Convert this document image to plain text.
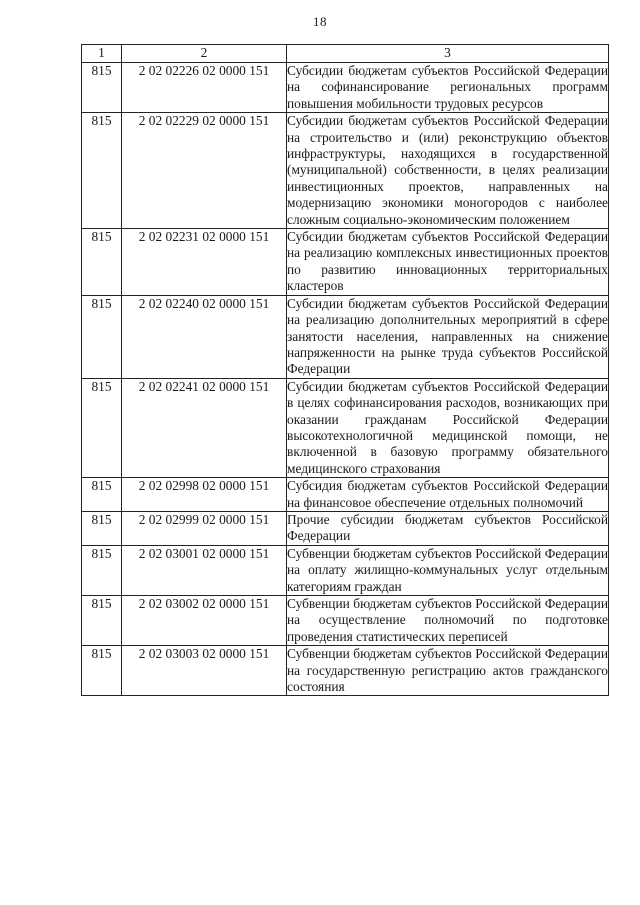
18
1	2	3
815	2 02 02226 02 0000 151	Субсидии бюджетам субъектов Российской Федерации на софинансирование региональных программ повышения мобильности трудовых ресурсов
815	2 02 02229 02 0000 151	Субсидии бюджетам субъектов Российской Федерации на строительство и (или) реконструкцию объектов инфраструктуры, находящихся в государственной (муниципальной) собственности, в целях реализации инвестиционных проектов, направленных на модернизацию экономики моногородов с наиболее сложным социально-экономическим положением
815	2 02 02231 02 0000 151	Субсидии бюджетам субъектов Российской Федерации на реализацию комплексных инвестиционных проектов по развитию инновационных территориальных кластеров
815	2 02 02240 02 0000 151	Субсидии бюджетам субъектов Российской Федерации на реализацию дополнительных мероприятий в сфере занятости населения, направленных на снижение напряженности на рынке труда субъектов Российской Федерации
815	2 02 02241 02 0000 151	Субсидии бюджетам субъектов Российской Федерации в целях софинансирования расходов, возникающих при оказании гражданам Российской Федерации высокотехнологичной медицинской помощи, не включенной в базовую программу обязательного медицинского страхования
815	2 02 02998 02 0000 151	Субсидия бюджетам субъектов Российской Федерации на финансовое обеспечение отдельных полномочий
815	2 02 02999 02 0000 151	Прочие субсидии бюджетам субъектов Российской Федерации
815	2 02 03001 02 0000 151	Субвенции бюджетам субъектов Российской Федерации на оплату жилищно-коммунальных услуг отдельным категориям граждан
815	2 02 03002 02 0000 151	Субвенции бюджетам субъектов Российской Федерации на осуществление полномочий по подготовке проведения статистических переписей
815	2 02 03003 02 0000 151	Субвенции бюджетам субъектов Российской Федерации на государственную регистрацию актов гражданского состояния
